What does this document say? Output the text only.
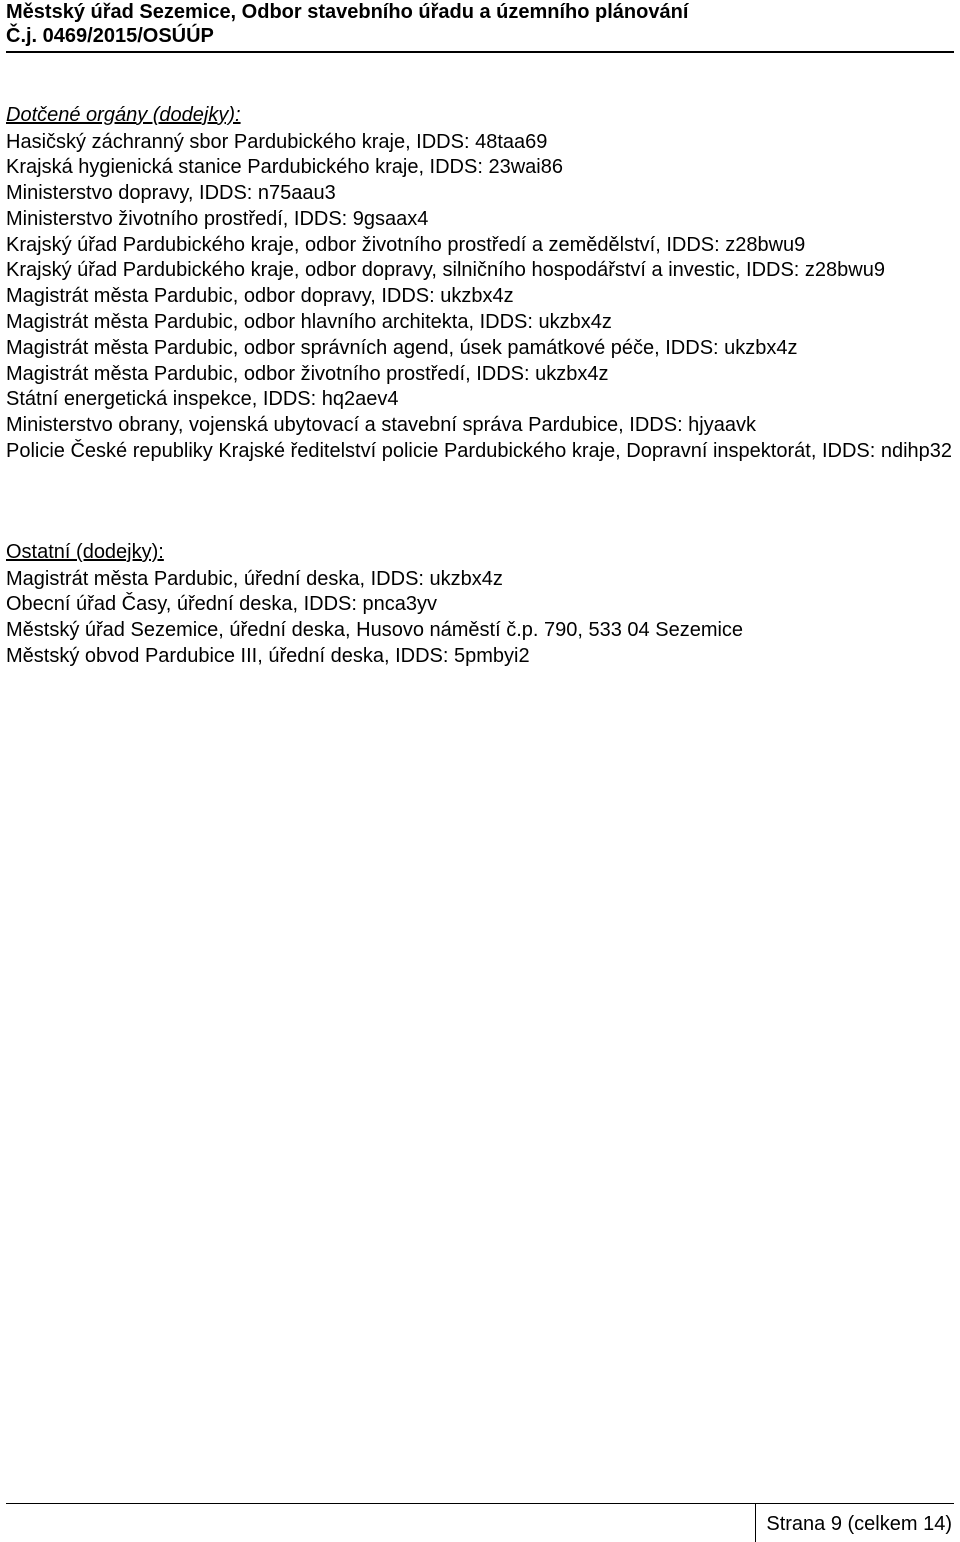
Městský úřad Sezemice, Odbor stavebního úřadu a územního plánování
Č.j. 0469/2015/OSÚÚP
Dotčené orgány (dodejky):
Hasičský záchranný sbor Pardubického kraje, IDDS: 48taa69
Krajská hygienická stanice Pardubického kraje, IDDS: 23wai86
Ministerstvo dopravy, IDDS: n75aau3
Ministerstvo životního prostředí, IDDS: 9gsaax4
Krajský úřad Pardubického kraje, odbor životního prostředí a zemědělství, IDDS: z28bwu9
Krajský úřad Pardubického kraje, odbor dopravy, silničního hospodářství a investic, IDDS: z28bwu9
Magistrát města Pardubic, odbor dopravy, IDDS: ukzbx4z
Magistrát města Pardubic, odbor hlavního architekta, IDDS: ukzbx4z
Magistrát města Pardubic, odbor správních agend, úsek památkové péče, IDDS: ukzbx4z
Magistrát města Pardubic, odbor životního prostředí, IDDS: ukzbx4z
Státní energetická inspekce, IDDS: hq2aev4
Ministerstvo obrany, vojenská ubytovací a stavební správa Pardubice, IDDS: hjyaavk
Policie České republiky Krajské ředitelství policie Pardubického kraje, Dopravní inspektorát, IDDS: ndihp32
Ostatní (dodejky):
Magistrát města Pardubic, úřední deska, IDDS: ukzbx4z
Obecní úřad Časy, úřední deska, IDDS: pnca3yv
Městský úřad Sezemice, úřední deska, Husovo náměstí č.p. 790, 533 04 Sezemice
Městský obvod Pardubice III, úřední deska, IDDS: 5pmbyi2
Strana 9 (celkem 14)
